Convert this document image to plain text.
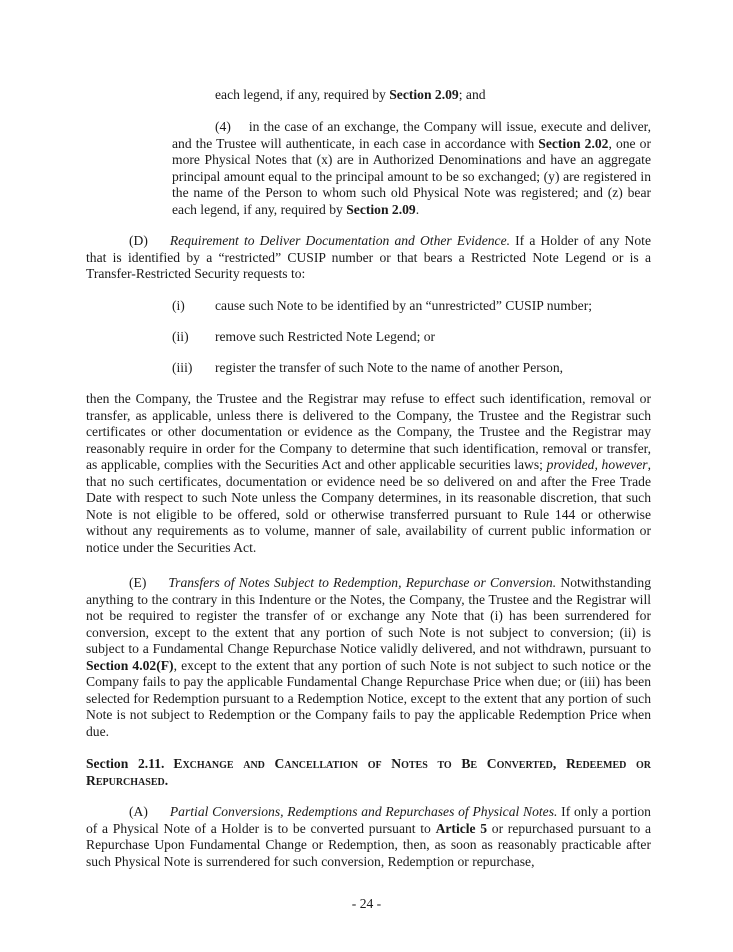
each legend, if any, required by Section 2.09; and

(4) in the case of an exchange, the Company will issue, execute and deliver, and the Trustee will authenticate, in each case in accordance with Section 2.02, one or more Physical Notes that (x) are in Authorized Denominations and have an aggregate principal amount equal to the principal amount to be so exchanged; (y) are registered in the name of the Person to whom such old Physical Note was registered; and (z) bear each legend, if any, required by Section 2.09.

(D) Requirement to Deliver Documentation and Other Evidence. If a Holder of any Note that is identified by a “restricted” CUSIP number or that bears a Restricted Note Legend or is a Transfer-Restricted Security requests to:

(i) cause such Note to be identified by an “unrestricted” CUSIP number;
(ii) remove such Restricted Note Legend; or
(iii) register the transfer of such Note to the name of another Person,

then the Company, the Trustee and the Registrar may refuse to effect such identification, removal or transfer, as applicable, unless there is delivered to the Company, the Trustee and the Registrar such certificates or other documentation or evidence as the Company, the Trustee and the Registrar may reasonably require in order for the Company to determine that such identification, removal or transfer, as applicable, complies with the Securities Act and other applicable securities laws; provided, however, that no such certificates, documentation or evidence need be so delivered on and after the Free Trade Date with respect to such Note unless the Company determines, in its reasonable discretion, that such Note is not eligible to be offered, sold or otherwise transferred pursuant to Rule 144 or otherwise without any requirements as to volume, manner of sale, availability of current public information or notice under the Securities Act.

(E) Transfers of Notes Subject to Redemption, Repurchase or Conversion. Notwithstanding anything to the contrary in this Indenture or the Notes, the Company, the Trustee and the Registrar will not be required to register the transfer of or exchange any Note that (i) has been surrendered for conversion, except to the extent that any portion of such Note is not subject to conversion; (ii) is subject to a Fundamental Change Repurchase Notice validly delivered, and not withdrawn, pursuant to Section 4.02(F), except to the extent that any portion of such Note is not subject to such notice or the Company fails to pay the applicable Fundamental Change Repurchase Price when due; or (iii) has been selected for Redemption pursuant to a Redemption Notice, except to the extent that any portion of such Note is not subject to Redemption or the Company fails to pay the applicable Redemption Price when due.

Section 2.11. Exchange and Cancellation of Notes to Be Converted, Redeemed or Repurchased.

(A) Partial Conversions, Redemptions and Repurchases of Physical Notes. If only a portion of a Physical Note of a Holder is to be converted pursuant to Article 5 or repurchased pursuant to a Repurchase Upon Fundamental Change or Redemption, then, as soon as reasonably practicable after such Physical Note is surrendered for such conversion, Redemption or repurchase,

- 24 -
